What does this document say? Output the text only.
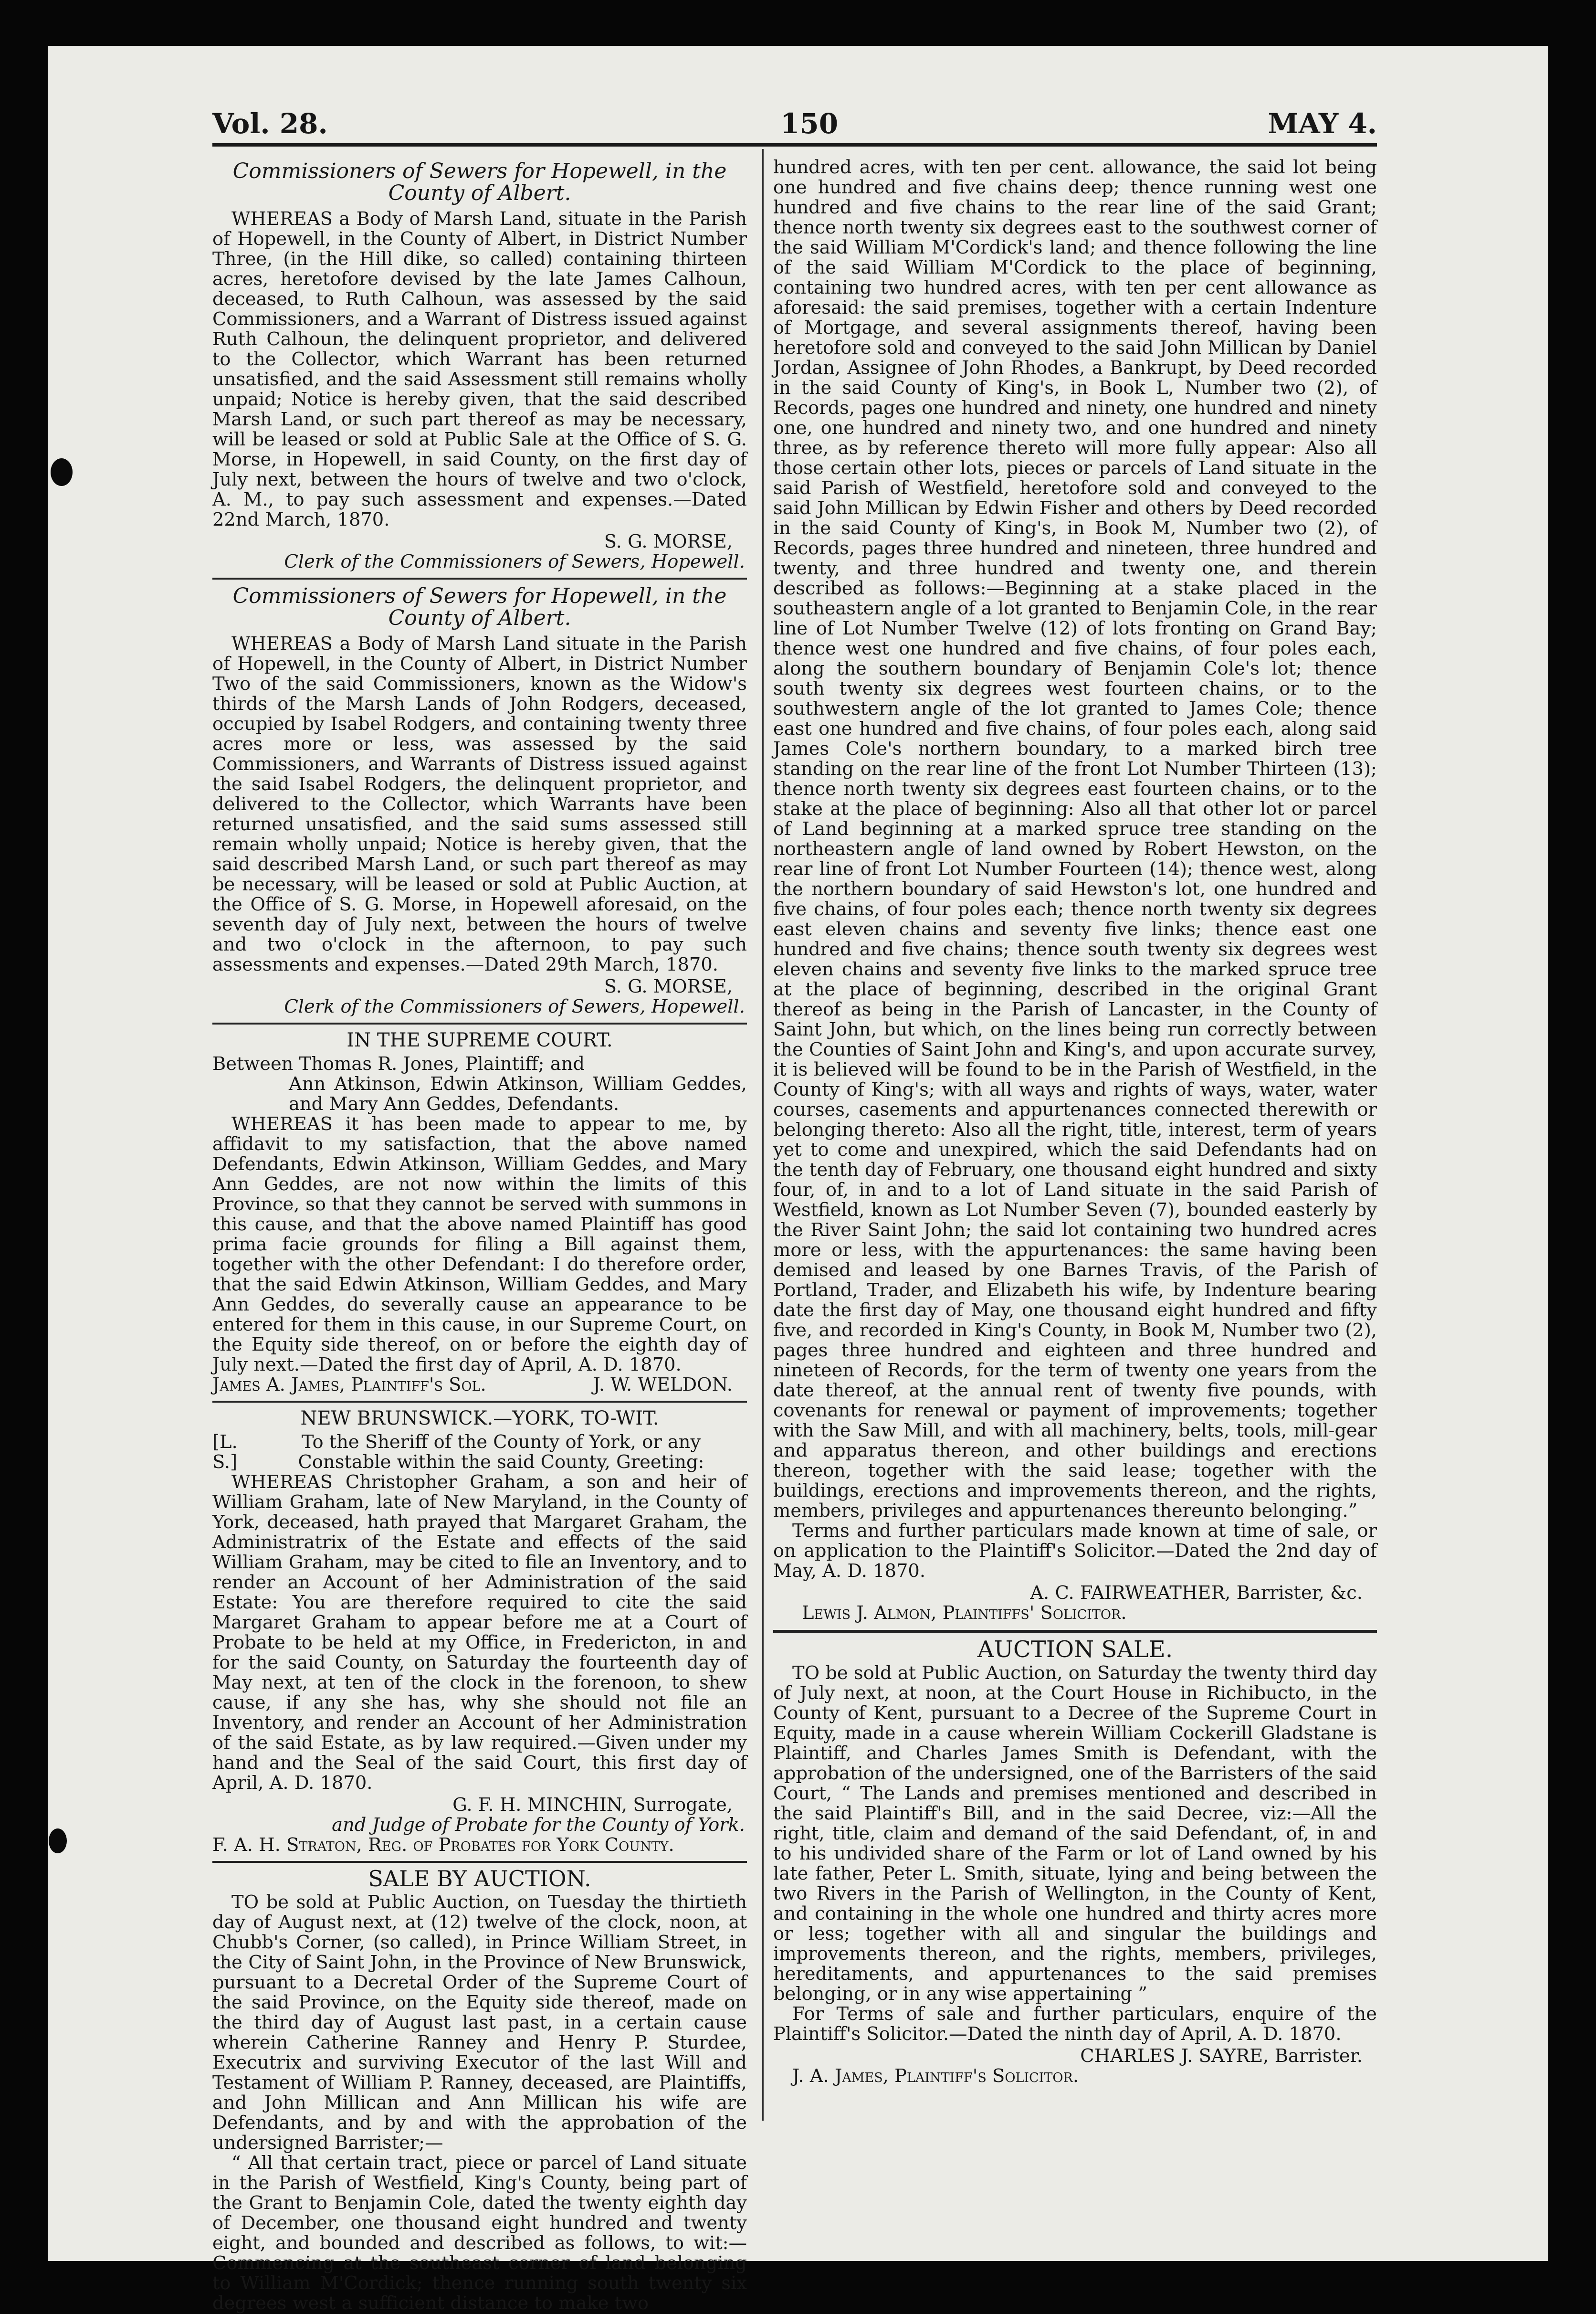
Vol. 28.	150	MAY 4.
Commissioners of Sewers for Hopewell, in the County of Albert.

WHEREAS a Body of Marsh Land, situate in the Parish of Hopewell, in the County of Albert, in District Number Three, (in the Hill dike, so called) containing thirteen acres, heretofore devised by the late James Calhoun, deceased, to Ruth Calhoun, was assessed by the said Commissioners, and a Warrant of Distress issued against Ruth Calhoun, the delinquent proprietor, and delivered to the Collector, which Warrant has been returned unsatisfied, and the said Assessment still remains wholly unpaid; Notice is hereby given, that the said described Marsh Land, or such part thereof as may be necessary, will be leased or sold at Public Sale at the Office of S. G. Morse, in Hopewell, in said County, on the first day of July next, between the hours of twelve and two o'clock, A. M., to pay such assessment and expenses.—Dated 22nd March, 1870.

S. G. MORSE,
Clerk of the Commissioners of Sewers, Hopewell.
Commissioners of Sewers for Hopewell, in the County of Albert.

WHEREAS a Body of Marsh Land situate in the Parish of Hopewell, in the County of Albert, in District Number Two of the said Commissioners, known as the Widow's thirds of the Marsh Lands of John Rodgers, deceased, occupied by Isabel Rodgers, and containing twenty three acres more or less, was assessed by the said Commissioners, and Warrants of Distress issued against the said Isabel Rodgers, the delinquent proprietor, and delivered to the Collector, which Warrants have been returned unsatisfied, and the said sums assessed still remain wholly unpaid; Notice is hereby given, that the said described Marsh Land, or such part thereof as may be necessary, will be leased or sold at Public Auction, at the Office of S. G. Morse, in Hopewell aforesaid, on the seventh day of July next, between the hours of twelve and two o'clock in the afternoon, to pay such assessments and expenses.—Dated 29th March, 1870.

S. G. MORSE,
Clerk of the Commissioners of Sewers, Hopewell.
IN THE SUPREME COURT.
Between Thomas R. Jones, Plaintiff; and
Ann Atkinson, Edwin Atkinson, William Geddes, and Mary Ann Geddes, Defendants.

WHEREAS it has been made to appear to me, by affidavit to my satisfaction, that the above named Defendants, Edwin Atkinson, William Geddes, and Mary Ann Geddes, are not now within the limits of this Province, so that they cannot be served with summons in this cause, and that the above named Plaintiff has good prima facie grounds for filing a Bill against them, together with the other Defendant: I do therefore order, that the said Edwin Atkinson, William Geddes, and Mary Ann Geddes, do severally cause an appearance to be entered for them in this cause, in our Supreme Court, on the Equity side thereof, on or before the eighth day of July next.—Dated the first day of April, A. D. 1870.

James A. James, Plaintiff's Sol.	J. W. WELDON.
NEW BRUNSWICK.—YORK, TO-WIT.
[L. S.]
To the Sheriff of the County of York, or any Constable within the said County, Greeting:

WHEREAS Christopher Graham, a son and heir of William Graham, late of New Maryland, in the County of York, deceased, hath prayed that Margaret Graham, the Administratrix of the Estate and effects of the said William Graham, may be cited to file an Inventory, and to render an Account of her Administration of the said Estate: You are therefore required to cite the said Margaret Graham to appear before me at a Court of Probate to be held at my Office, in Fredericton, in and for the said County, on Saturday the fourteenth day of May next, at ten of the clock in the forenoon, to shew cause, if any she has, why she should not file an Inventory, and render an Account of her Administration of the said Estate, as by law required.—Given under my hand and the Seal of the said Court, this first day of April, A. D. 1870.

G. F. H. MINCHIN, Surrogate,
and Judge of Probate for the County of York.
F. A. H. Straton, Reg. of Probates for York County.
SALE BY AUCTION.

TO be sold at Public Auction, on Tuesday the thirtieth day of August next, at (12) twelve of the clock, noon, at Chubb's Corner, (so called), in Prince William Street, in the City of Saint John, in the Province of New Brunswick, pursuant to a Decretal Order of the Supreme Court of the said Province, on the Equity side thereof, made on the third day of August last past, in a certain cause wherein Catherine Ranney and Henry P. Sturdee, Executrix and surviving Executor of the last Will and Testament of William P. Ranney, deceased, are Plaintiffs, and John Millican and Ann Millican his wife are Defendants, and by and with the approbation of the undersigned Barrister;—

“ All that certain tract, piece or parcel of Land situate in the Parish of Westfield, King's County, being part of the Grant to Benjamin Cole, dated the twenty eighth day of December, one thousand eight hundred and twenty eight, and bounded and described as follows, to wit:—Commencing at the southeast corner of land belonging to William M'Cordick; thence running south twenty six degrees west a sufficient distance to make two

hundred acres, with ten per cent. allowance, the said lot being one hundred and five chains deep; thence running west one hundred and five chains to the rear line of the said Grant; thence north twenty six degrees east to the southwest corner of the said William M'Cordick's land; and thence following the line of the said William M'Cordick to the place of beginning, containing two hundred acres, with ten per cent allowance as aforesaid: the said premises, together with a certain Indenture of Mortgage, and several assignments thereof, having been heretofore sold and conveyed to the said John Millican by Daniel Jordan, Assignee of John Rhodes, a Bankrupt, by Deed recorded in the said County of King's, in Book L, Number two (2), of Records, pages one hundred and ninety, one hundred and ninety one, one hundred and ninety two, and one hundred and ninety three, as by reference thereto will more fully appear: Also all those certain other lots, pieces or parcels of Land situate in the said Parish of Westfield, heretofore sold and conveyed to the said John Millican by Edwin Fisher and others by Deed recorded in the said County of King's, in Book M, Number two (2), of Records, pages three hundred and nineteen, three hundred and twenty, and three hundred and twenty one, and therein described as follows:—Beginning at a stake placed in the southeastern angle of a lot granted to Benjamin Cole, in the rear line of Lot Number Twelve (12) of lots fronting on Grand Bay; thence west one hundred and five chains, of four poles each, along the southern boundary of Benjamin Cole's lot; thence south twenty six degrees west fourteen chains, or to the southwestern angle of the lot granted to James Cole; thence east one hundred and five chains, of four poles each, along said James Cole's northern boundary, to a marked birch tree standing on the rear line of the front Lot Number Thirteen (13); thence north twenty six degrees east fourteen chains, or to the stake at the place of beginning: Also all that other lot or parcel of Land beginning at a marked spruce tree standing on the northeastern angle of land owned by Robert Hewston, on the rear line of front Lot Number Fourteen (14); thence west, along the northern boundary of said Hewston's lot, one hundred and five chains, of four poles each; thence north twenty six degrees east eleven chains and seventy five links; thence east one hundred and five chains; thence south twenty six degrees west eleven chains and seventy five links to the marked spruce tree at the place of beginning, described in the original Grant thereof as being in the Parish of Lancaster, in the County of Saint John, but which, on the lines being run correctly between the Counties of Saint John and King's, and upon accurate survey, it is believed will be found to be in the Parish of Westfield, in the County of King's; with all ways and rights of ways, water, water courses, casements and appurtenances connected therewith or belonging thereto: Also all the right, title, interest, term of years yet to come and unexpired, which the said Defendants had on the tenth day of February, one thousand eight hundred and sixty four, of, in and to a lot of Land situate in the said Parish of Westfield, known as Lot Number Seven (7), bounded easterly by the River Saint John; the said lot containing two hundred acres more or less, with the appurtenances: the same having been demised and leased by one Barnes Travis, of the Parish of Portland, Trader, and Elizabeth his wife, by Indenture bearing date the first day of May, one thousand eight hundred and fifty five, and recorded in King's County, in Book M, Number two (2), pages three hundred and eighteen and three hundred and nineteen of Records, for the term of twenty one years from the date thereof, at the annual rent of twenty five pounds, with covenants for renewal or payment of improvements; together with the Saw Mill, and with all machinery, belts, tools, mill-gear and apparatus thereon, and other buildings and erections thereon, together with the said lease; together with the buildings, erections and improvements thereon, and the rights, members, privileges and appurtenances thereunto belonging.”

Terms and further particulars made known at time of sale, or on application to the Plaintiff's Solicitor.—Dated the 2nd day of May, A. D. 1870.

A. C. FAIRWEATHER, Barrister, &c.
Lewis J. Almon, Plaintiffs' Solicitor.
AUCTION SALE.

TO be sold at Public Auction, on Saturday the twenty third day of July next, at noon, at the Court House in Richibucto, in the County of Kent, pursuant to a Decree of the Supreme Court in Equity, made in a cause wherein William Cockerill Gladstane is Plaintiff, and Charles James Smith is Defendant, with the approbation of the undersigned, one of the Barristers of the said Court, “ The Lands and premises mentioned and described in the said Plaintiff's Bill, and in the said Decree, viz:—All the right, title, claim and demand of the said Defendant, of, in and to his undivided share of the Farm or lot of Land owned by his late father, Peter L. Smith, situate, lying and being between the two Rivers in the Parish of Wellington, in the County of Kent, and containing in the whole one hundred and thirty acres more or less; together with all and singular the buildings and improvements thereon, and the rights, members, privileges, hereditaments, and appurtenances to the said premises belonging, or in any wise appertaining ”

For Terms of sale and further particulars, enquire of the Plaintiff's Solicitor.—Dated the ninth day of April, A. D. 1870.

CHARLES J. SAYRE, Barrister.
J. A. James, Plaintiff's Solicitor.
